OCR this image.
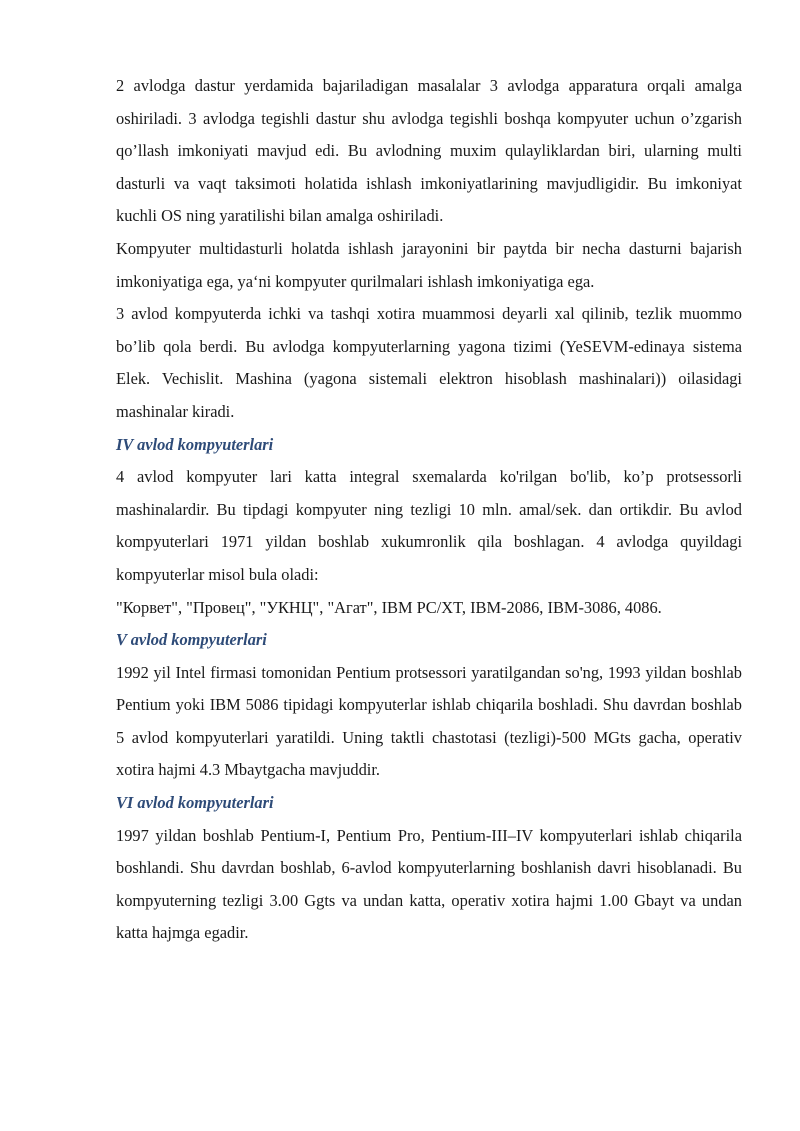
2 avlodga dastur yerdamida bajariladigan masalalar 3 avlodga apparatura orqali amalga oshiriladi. 3 avlodga tegishli dastur shu avlodga tegishli boshqa kompyuter uchun o’zgarish qo’llash imkoniyati mavjud edi. Bu avlodning muxim qulayliklardan biri, ularning multi dasturli va vaqt taksimoti holatida ishlash imkoniyatlarining mavjudligidir. Bu imkoniyat kuchli OS ning yaratilishi bilan amalga oshiriladi.

Kompyuter multidasturli holatda ishlash jarayonini bir paytda bir necha dasturni bajarish imkoniyatiga ega, ya‘ni kompyuter qurilmalari ishlash imkoniyatiga ega.

3 avlod kompyuterda ichki va tashqi xotira muammosi deyarli xal qilinib, tezlik muommo bo’lib qola berdi. Bu avlodga kompyuterlarning yagona tizimi (YeSEVM-edinaya sistema Elek. Vechislit. Mashina (yagona sistemali elektron hisoblash mashinalari)) oilasidagi mashinalar kiradi.

IV avlod kompyuterlari

4 avlod kompyuter lari katta integral sxemalarda ko'rilgan bo'lib, ko’p protsessorli mashinalardir. Bu tipdagi kompyuter ning tezligi 10 mln. amal/sek. dan ortikdir. Bu avlod kompyuterlari 1971 yildan boshlab xukumronlik qila boshlagan. 4 avlodga quyildagi kompyuterlar misol bula oladi:

"Корвет", "Провец", "УКНЦ", "Агат", IBM PC/XT, IBM-2086, IBM-3086, 4086.

V avlod kompyuterlari

1992 yil Intel firmasi tomonidan Pentium protsessori yaratilgandan so'ng, 1993 yildan boshlab Pentium yoki IBM 5086 tipidagi kompyuterlar ishlab chiqarila boshladi. Shu davrdan boshlab 5 avlod kompyuterlari yaratildi. Uning taktli chastotasi (tezligi)-500 MGts gacha, operativ xotira hajmi 4.3 Mbaytgacha mavjuddir.

VI avlod kompyuterlari

1997 yildan boshlab Pentium-I, Pentium Pro, Pentium-III–IV kompyuterlari ishlab chiqarila boshlandi. Shu davrdan boshlab, 6-avlod kompyuterlarning boshlanish davri hisoblanadi. Bu kompyuterning tezligi 3.00 Ggts va undan katta, operativ xotira hajmi 1.00 Gbayt va undan katta hajmga egadir.
